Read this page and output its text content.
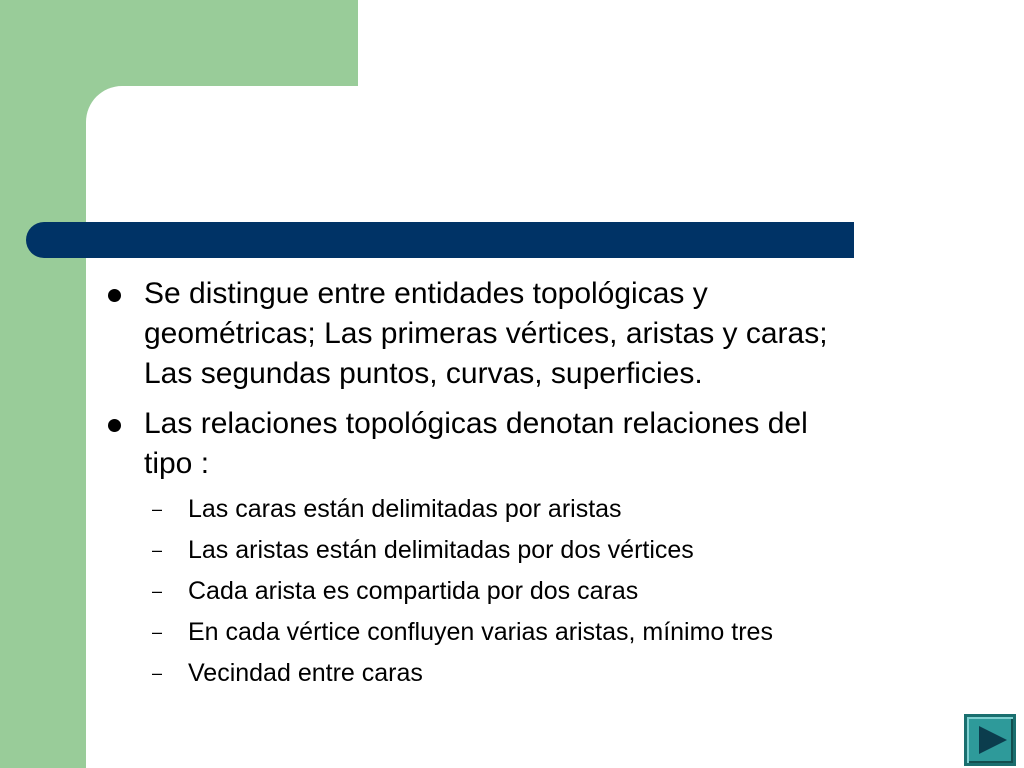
Se distingue entre entidades topológicas y geométricas; Las primeras vértices, aristas y caras; Las segundas puntos, curvas, superficies.
Las relaciones topológicas denotan relaciones del tipo :
– Las caras están delimitadas por aristas
– Las aristas están delimitadas por dos vértices
– Cada arista es compartida por dos caras
– En cada vértice confluyen varias aristas, mínimo tres
– Vecindad entre caras
